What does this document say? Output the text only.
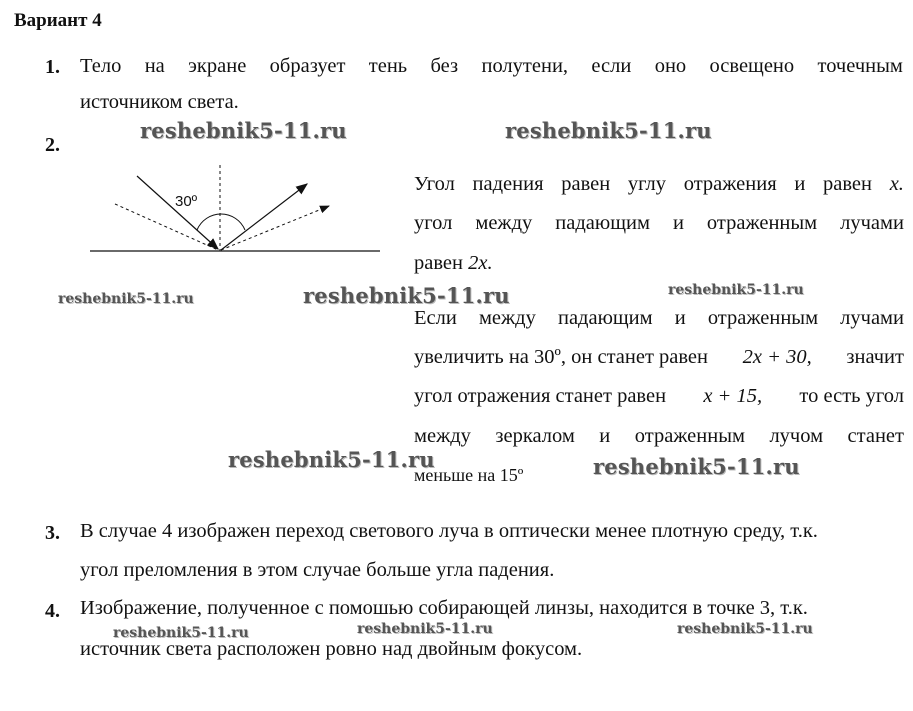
Вариант 4
1. Тело на экране образует тень без полутени, если оно освещено точечным
источником света.
2.
30º
Угол падения равен углу отражения и равен x.
угол между падающим и отраженным лучами
равен 2x.
Если между падающим и отраженным лучами
увеличить на 30º, он станет равен 2x + 30, значит
угол отражения станет равен x + 15, то есть угол
между зеркалом и отраженным лучом станет
меньше на 15º
3. В случае 4 изображен переход светового луча в оптически менее плотную среду, т.к.
угол преломления в этом случае больше угла падения.
4. Изображение, полученное с помошью собирающей линзы, находится в точке 3, т.к.
источник света расположен ровно над двойным фокусом.
reshebnik5-11.ru	reshebnik5-11.ru
reshebnik5-11.ru	reshebnik5-11.ru	reshebnik5-11.ru
reshebnik5-11.ru	reshebnik5-11.ru
reshebnik5-11.ru	reshebnik5-11.ru	reshebnik5-11.ru
